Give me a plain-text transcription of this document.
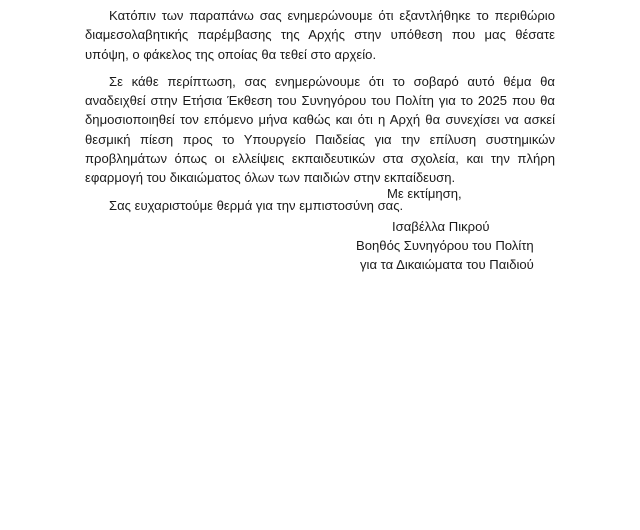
Κατόπιν των παραπάνω σας ενημερώνουμε ότι εξαντλήθηκε το περιθώριο διαμεσολαβητικής παρέμβασης της Αρχής στην υπόθεση που μας θέσατε υπόψη, ο φάκελος της οποίας θα τεθεί στο αρχείο.

Σε κάθε περίπτωση, σας ενημερώνουμε ότι το σοβαρό αυτό θέμα θα αναδειχθεί στην Ετήσια Έκθεση του Συνηγόρου του Πολίτη για το 2025 που θα δημοσιοποιηθεί τον επόμενο μήνα καθώς και ότι η Αρχή θα συνεχίσει να ασκεί θεσμική πίεση προς το Υπουργείο Παιδείας για την επίλυση συστημικών προβλημάτων όπως οι ελλείψεις εκπαιδευτικών στα σχολεία, και την πλήρη εφαρμογή του δικαιώματος όλων των παιδιών στην εκπαίδευση.

Σας ευχαριστούμε θερμά για την εμπιστοσύνη σας.

Με εκτίμηση,
Ισαβέλλα Πικρού
Βοηθός Συνηγόρου του Πολίτη
για τα Δικαιώματα του Παιδιού
